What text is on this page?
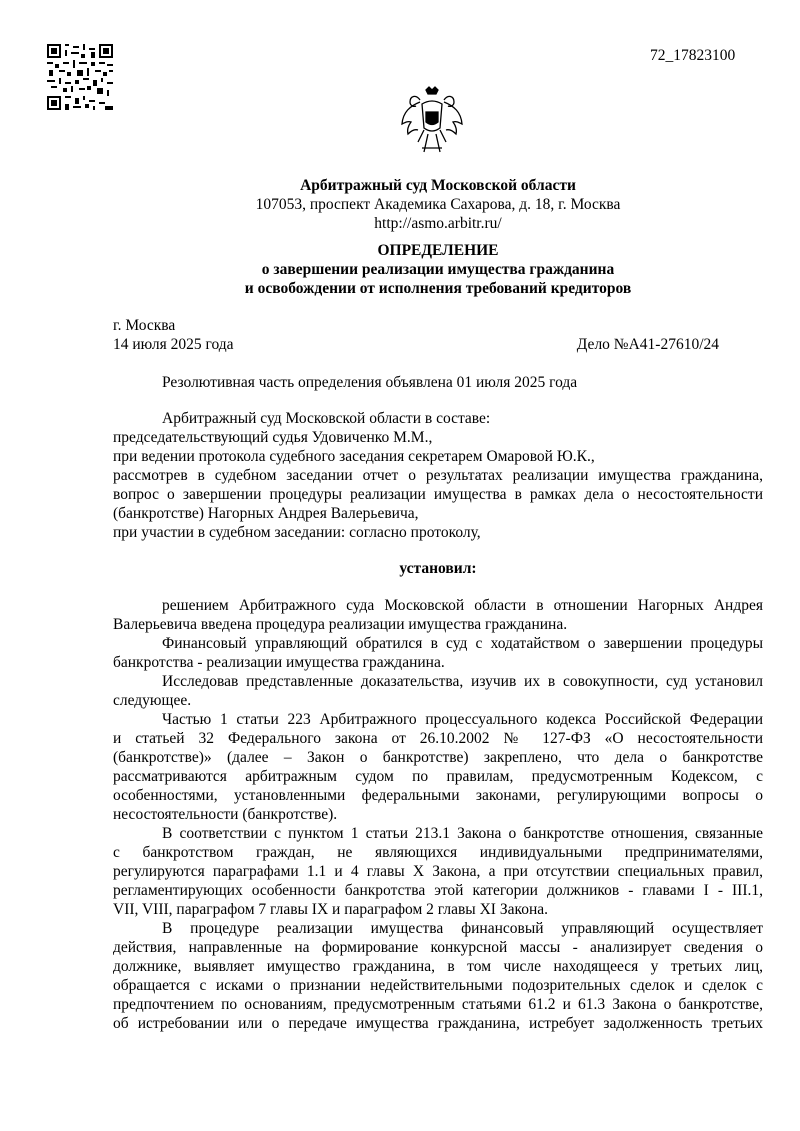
72_17823100
Арбитражный суд Московской области
107053, проспект Академика Сахарова, д. 18, г. Москва
http://asmo.arbitr.ru/
ОПРЕДЕЛЕНИЕ
о завершении реализации имущества гражданина
и освобождении от исполнения требований кредиторов
г. Москва
14 июля 2025 года	Дело №А41-27610/24
Резолютивная часть определения объявлена 01 июля 2025 года
Арбитражный суд Московской области в составе:
председательствующий судья Удовиченко М.М.,
при ведении протокола судебного заседания секретарем Омаровой Ю.К.,
рассмотрев в судебном заседании отчет о результатах реализации имущества гражданина,
вопрос о завершении процедуры реализации имущества в рамках дела о несостоятельности
(банкротстве) Нагорных Андрея Валерьевича,
при участии в судебном заседании: согласно протоколу,
установил:
решением Арбитражного суда Московской области в отношении Нагорных Андрея
Валерьевича введена процедура реализации имущества гражданина.
Финансовый управляющий обратился в суд с ходатайством о завершении процедуры
банкротства - реализации имущества гражданина.
Исследовав представленные доказательства, изучив их в совокупности, суд установил
следующее.
Частью 1 статьи 223 Арбитражного процессуального кодекса Российской Федерации
и статьей 32 Федерального закона от 26.10.2002 № 127-ФЗ «О несостоятельности
(банкротстве)» (далее – Закон о банкротстве) закреплено, что дела о банкротстве
рассматриваются арбитражным судом по правилам, предусмотренным Кодексом, с
особенностями, установленными федеральными законами, регулирующими вопросы о
несостоятельности (банкротстве).
В соответствии с пунктом 1 статьи 213.1 Закона о банкротстве отношения, связанные
с банкротством граждан, не являющихся индивидуальными предпринимателями,
регулируются параграфами 1.1 и 4 главы X Закона, а при отсутствии специальных правил,
регламентирующих особенности банкротства этой категории должников - главами I - III.1,
VII, VIII, параграфом 7 главы IX и параграфом 2 главы XI Закона.
В процедуре реализации имущества финансовый управляющий осуществляет
действия, направленные на формирование конкурсной массы - анализирует сведения о
должнике, выявляет имущество гражданина, в том числе находящееся у третьих лиц,
обращается с исками о признании недействительными подозрительных сделок и сделок с
предпочтением по основаниям, предусмотренным статьями 61.2 и 61.3 Закона о банкротстве,
об истребовании или о передаче имущества гражданина, истребует задолженность третьих
